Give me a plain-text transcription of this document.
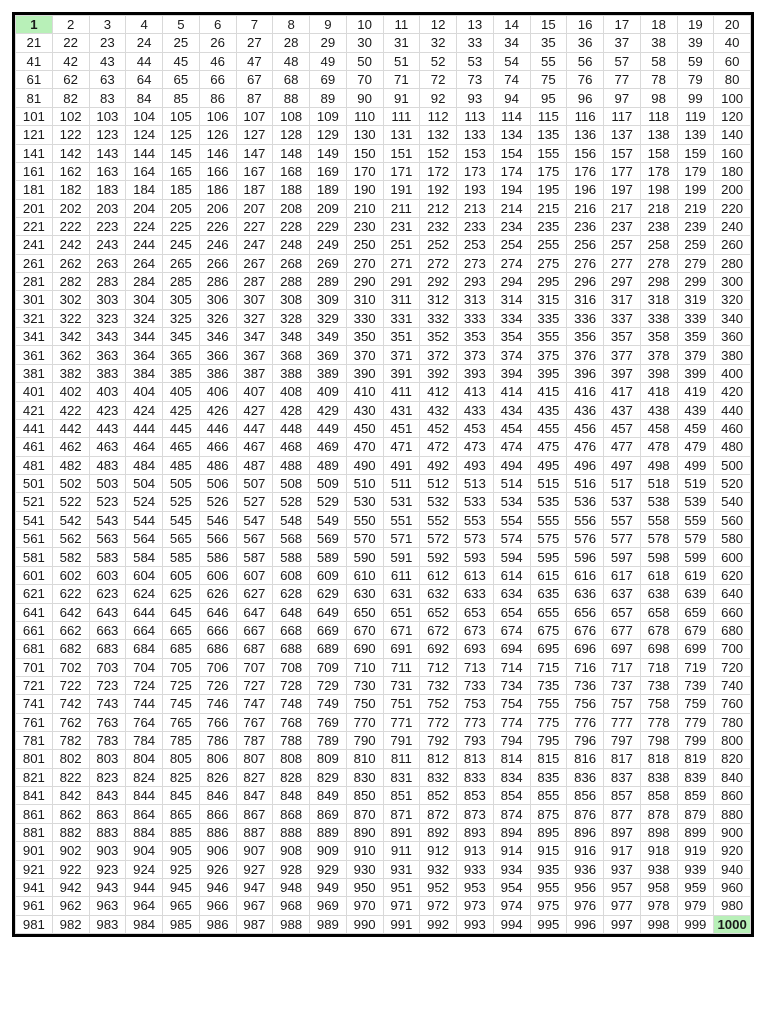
1	2	3	4	5	6	7	8	9	10	11	12	13	14	15	16	17	18	19	20
21	22	23	24	25	26	27	28	29	30	31	32	33	34	35	36	37	38	39	40
41	42	43	44	45	46	47	48	49	50	51	52	53	54	55	56	57	58	59	60
61	62	63	64	65	66	67	68	69	70	71	72	73	74	75	76	77	78	79	80
81	82	83	84	85	86	87	88	89	90	91	92	93	94	95	96	97	98	99	100
101	102	103	104	105	106	107	108	109	110	111	112	113	114	115	116	117	118	119	120
121	122	123	124	125	126	127	128	129	130	131	132	133	134	135	136	137	138	139	140
141	142	143	144	145	146	147	148	149	150	151	152	153	154	155	156	157	158	159	160
161	162	163	164	165	166	167	168	169	170	171	172	173	174	175	176	177	178	179	180
181	182	183	184	185	186	187	188	189	190	191	192	193	194	195	196	197	198	199	200
201	202	203	204	205	206	207	208	209	210	211	212	213	214	215	216	217	218	219	220
221	222	223	224	225	226	227	228	229	230	231	232	233	234	235	236	237	238	239	240
241	242	243	244	245	246	247	248	249	250	251	252	253	254	255	256	257	258	259	260
261	262	263	264	265	266	267	268	269	270	271	272	273	274	275	276	277	278	279	280
281	282	283	284	285	286	287	288	289	290	291	292	293	294	295	296	297	298	299	300
301	302	303	304	305	306	307	308	309	310	311	312	313	314	315	316	317	318	319	320
321	322	323	324	325	326	327	328	329	330	331	332	333	334	335	336	337	338	339	340
341	342	343	344	345	346	347	348	349	350	351	352	353	354	355	356	357	358	359	360
361	362	363	364	365	366	367	368	369	370	371	372	373	374	375	376	377	378	379	380
381	382	383	384	385	386	387	388	389	390	391	392	393	394	395	396	397	398	399	400
401	402	403	404	405	406	407	408	409	410	411	412	413	414	415	416	417	418	419	420
421	422	423	424	425	426	427	428	429	430	431	432	433	434	435	436	437	438	439	440
441	442	443	444	445	446	447	448	449	450	451	452	453	454	455	456	457	458	459	460
461	462	463	464	465	466	467	468	469	470	471	472	473	474	475	476	477	478	479	480
481	482	483	484	485	486	487	488	489	490	491	492	493	494	495	496	497	498	499	500
501	502	503	504	505	506	507	508	509	510	511	512	513	514	515	516	517	518	519	520
521	522	523	524	525	526	527	528	529	530	531	532	533	534	535	536	537	538	539	540
541	542	543	544	545	546	547	548	549	550	551	552	553	554	555	556	557	558	559	560
561	562	563	564	565	566	567	568	569	570	571	572	573	574	575	576	577	578	579	580
581	582	583	584	585	586	587	588	589	590	591	592	593	594	595	596	597	598	599	600
601	602	603	604	605	606	607	608	609	610	611	612	613	614	615	616	617	618	619	620
621	622	623	624	625	626	627	628	629	630	631	632	633	634	635	636	637	638	639	640
641	642	643	644	645	646	647	648	649	650	651	652	653	654	655	656	657	658	659	660
661	662	663	664	665	666	667	668	669	670	671	672	673	674	675	676	677	678	679	680
681	682	683	684	685	686	687	688	689	690	691	692	693	694	695	696	697	698	699	700
701	702	703	704	705	706	707	708	709	710	711	712	713	714	715	716	717	718	719	720
721	722	723	724	725	726	727	728	729	730	731	732	733	734	735	736	737	738	739	740
741	742	743	744	745	746	747	748	749	750	751	752	753	754	755	756	757	758	759	760
761	762	763	764	765	766	767	768	769	770	771	772	773	774	775	776	777	778	779	780
781	782	783	784	785	786	787	788	789	790	791	792	793	794	795	796	797	798	799	800
801	802	803	804	805	806	807	808	809	810	811	812	813	814	815	816	817	818	819	820
821	822	823	824	825	826	827	828	829	830	831	832	833	834	835	836	837	838	839	840
841	842	843	844	845	846	847	848	849	850	851	852	853	854	855	856	857	858	859	860
861	862	863	864	865	866	867	868	869	870	871	872	873	874	875	876	877	878	879	880
881	882	883	884	885	886	887	888	889	890	891	892	893	894	895	896	897	898	899	900
901	902	903	904	905	906	907	908	909	910	911	912	913	914	915	916	917	918	919	920
921	922	923	924	925	926	927	928	929	930	931	932	933	934	935	936	937	938	939	940
941	942	943	944	945	946	947	948	949	950	951	952	953	954	955	956	957	958	959	960
961	962	963	964	965	966	967	968	969	970	971	972	973	974	975	976	977	978	979	980
981	982	983	984	985	986	987	988	989	990	991	992	993	994	995	996	997	998	999	1000
